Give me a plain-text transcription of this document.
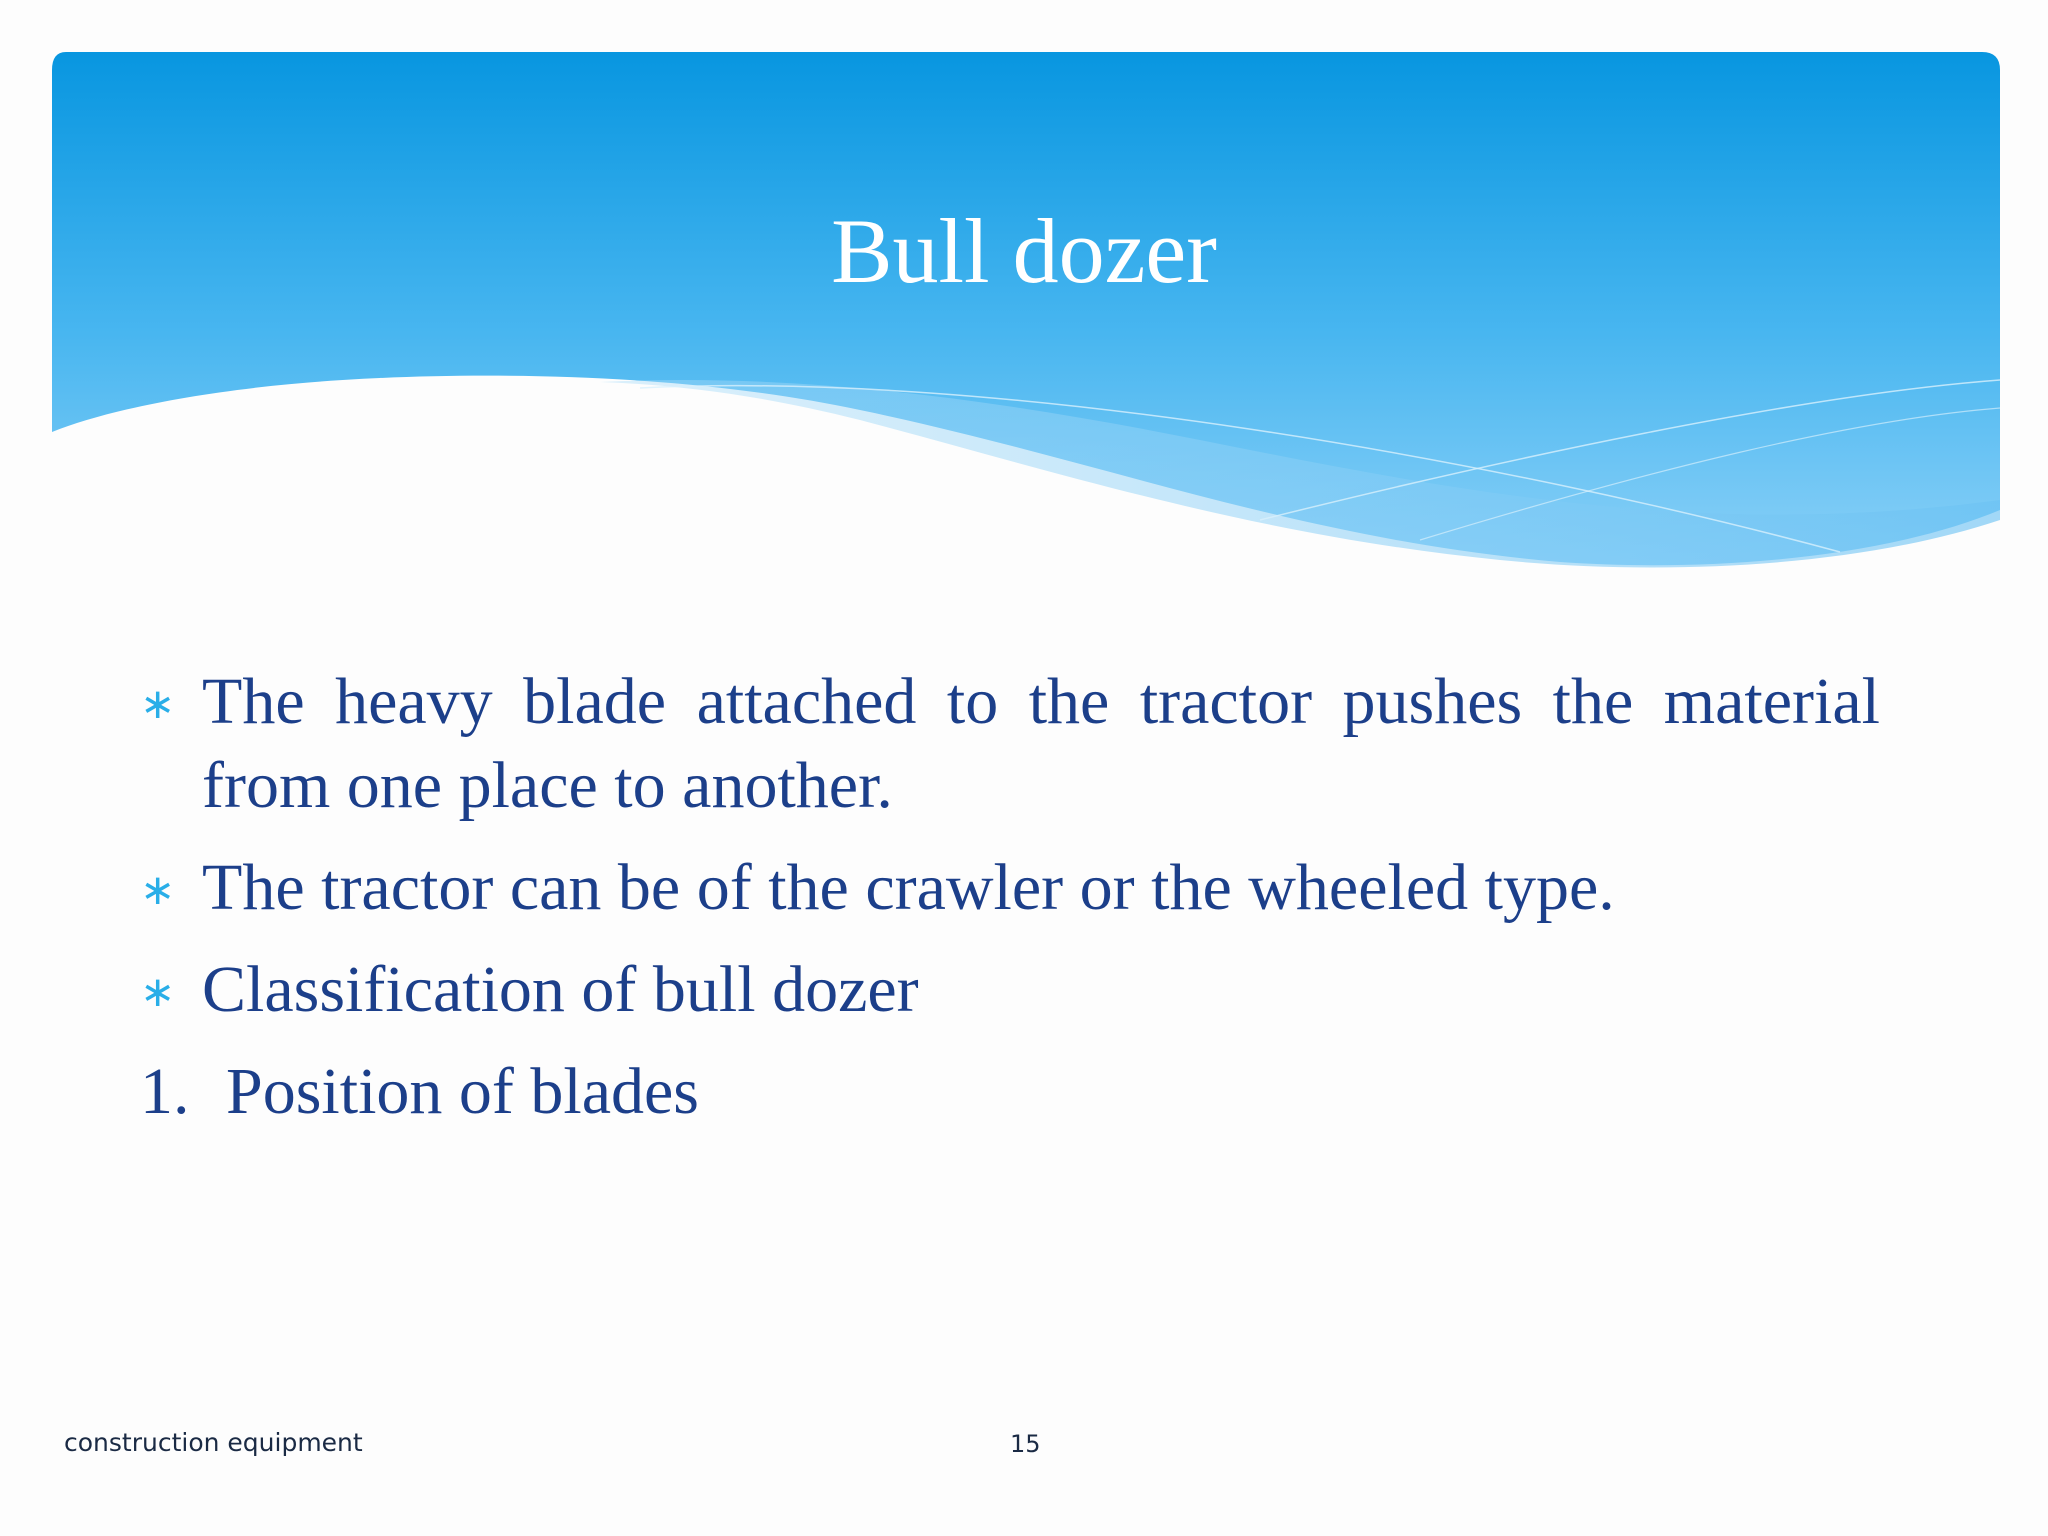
Bull dozer
∗ The heavy blade attached to the tractor pushes the material from one place to another.
∗ The tractor can be of the crawler or the wheeled type.
∗ Classification of bull dozer
1. Position of blades
construction equipment	15
